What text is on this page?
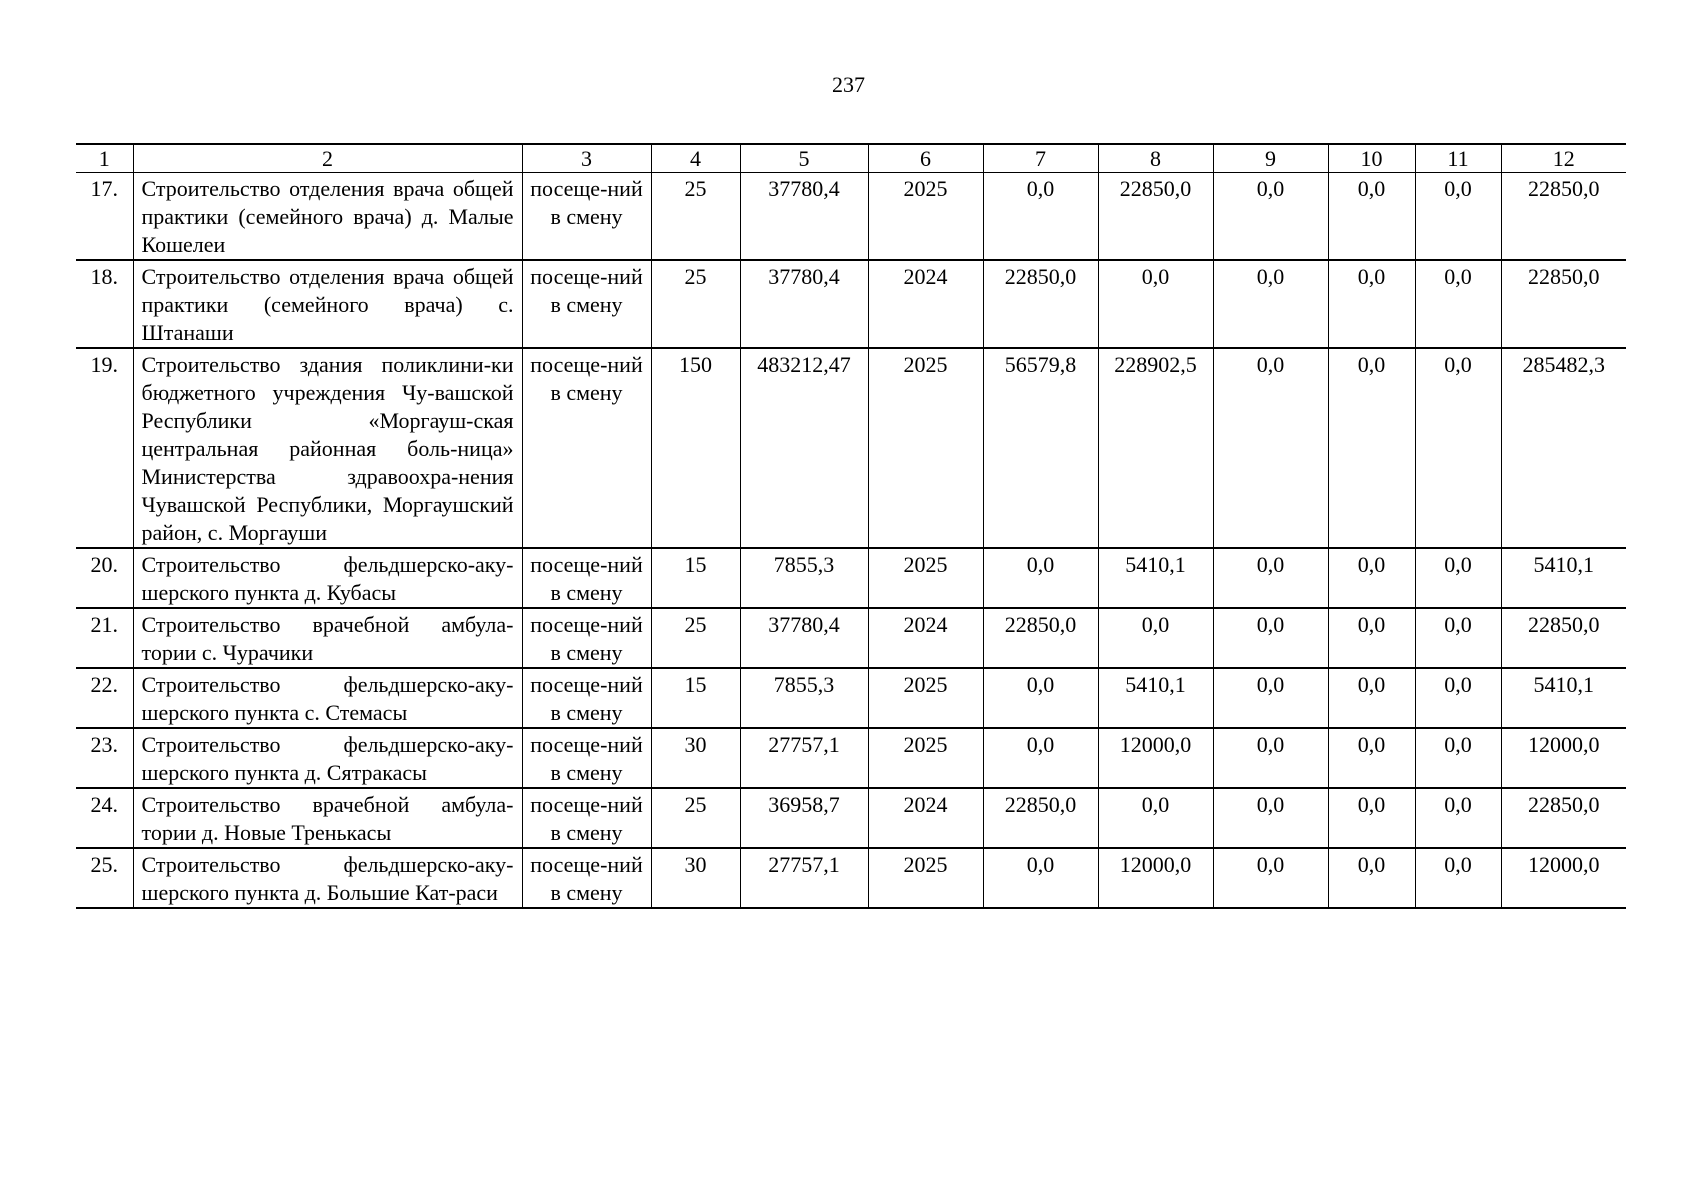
237
1	2	3	4	5	6	7	8	9	10	11	12
17.	Строительство отделения врача общей практики (семейного врача) д. Малые Кошелеи	посеще-ний в смену	25	37780,4	2025	0,0	22850,0	0,0	0,0	0,0	22850,0
18.	Строительство отделения врача общей практики (семейного врача) с. Штанаши	посеще-ний в смену	25	37780,4	2024	22850,0	0,0	0,0	0,0	0,0	22850,0
19.	Строительство здания поликлини-ки бюджетного учреждения Чу-вашской Республики «Моргауш-ская центральная районная боль-ница» Министерства здравоохра-нения Чувашской Республики, Моргаушский район, с. Моргауши	посеще-ний в смену	150	483212,47	2025	56579,8	228902,5	0,0	0,0	0,0	285482,3
20.	Строительство фельдшерско-аку-шерского пункта д. Кубасы	посеще-ний в смену	15	7855,3	2025	0,0	5410,1	0,0	0,0	0,0	5410,1
21.	Строительство врачебной амбула-тории с. Чурачики	посеще-ний в смену	25	37780,4	2024	22850,0	0,0	0,0	0,0	0,0	22850,0
22.	Строительство фельдшерско-аку-шерского пункта с. Стемасы	посеще-ний в смену	15	7855,3	2025	0,0	5410,1	0,0	0,0	0,0	5410,1
23.	Строительство фельдшерско-аку-шерского пункта д. Сятракасы	посеще-ний в смену	30	27757,1	2025	0,0	12000,0	0,0	0,0	0,0	12000,0
24.	Строительство врачебной амбула-тории д. Новые Тренькасы	посеще-ний в смену	25	36958,7	2024	22850,0	0,0	0,0	0,0	0,0	22850,0
25.	Строительство фельдшерско-аку-шерского пункта д. Большие Кат-раси	посеще-ний в смену	30	27757,1	2025	0,0	12000,0	0,0	0,0	0,0	12000,0
